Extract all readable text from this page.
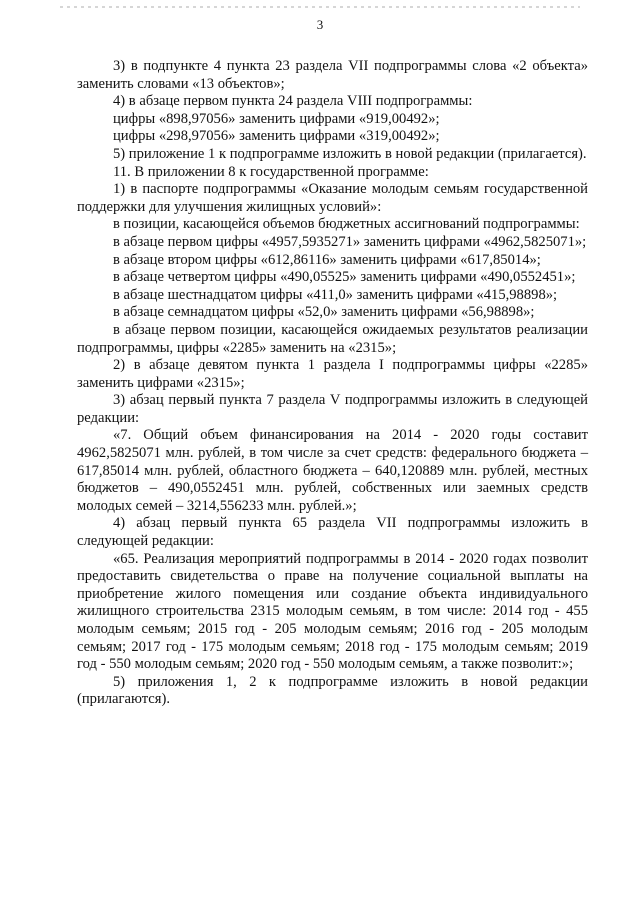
3

3) в подпункте 4 пункта 23 раздела VII подпрограммы слова «2 объекта» заменить словами «13 объектов»;

4) в абзаце первом пункта 24 раздела VIII подпрограммы:

цифры «898,97056» заменить цифрами «919,00492»;

цифры «298,97056» заменить цифрами «319,00492»;

5) приложение 1 к подпрограмме изложить в новой редакции (прилагается).

11. В приложении 8 к государственной программе:

1) в паспорте подпрограммы «Оказание молодым семьям государственной поддержки для улучшения жилищных условий»:

в позиции, касающейся объемов бюджетных ассигнований подпрограммы:

в абзаце первом цифры «4957,5935271» заменить цифрами «4962,5825071»;

в абзаце втором цифры «612,86116» заменить цифрами «617,85014»;

в абзаце четвертом цифры «490,05525» заменить цифрами «490,0552451»;

в абзаце шестнадцатом цифры «411,0» заменить цифрами «415,98898»;

в абзаце семнадцатом цифры «52,0» заменить цифрами «56,98898»;

в абзаце первом позиции, касающейся ожидаемых результатов реализации подпрограммы, цифры «2285» заменить на «2315»;

2) в абзаце девятом пункта 1 раздела I подпрограммы цифры «2285» заменить цифрами «2315»;

3) абзац первый пункта 7 раздела V подпрограммы изложить в следующей редакции:

«7. Общий объем финансирования на 2014 - 2020 годы составит 4962,5825071 млн. рублей, в том числе за счет средств: федерального бюджета – 617,85014 млн. рублей, областного бюджета – 640,120889 млн. рублей, местных бюджетов – 490,0552451 млн. рублей, собственных или заемных средств молодых семей – 3214,556233 млн. рублей.»;

4) абзац первый пункта 65 раздела VII подпрограммы изложить в следующей редакции:

«65. Реализация мероприятий подпрограммы в 2014 - 2020 годах позволит предоставить свидетельства о праве на получение социальной выплаты на приобретение жилого помещения или создание объекта индивидуального жилищного строительства 2315 молодым семьям, в том числе: 2014 год - 455 молодым семьям; 2015 год - 205 молодым семьям; 2016 год - 205 молодым семьям; 2017 год - 175 молодым семьям; 2018 год - 175 молодым семьям; 2019 год - 550 молодым семьям; 2020 год - 550 молодым семьям, а также позволит:»;

5) приложения 1, 2 к подпрограмме изложить в новой редакции (прилагаются).
